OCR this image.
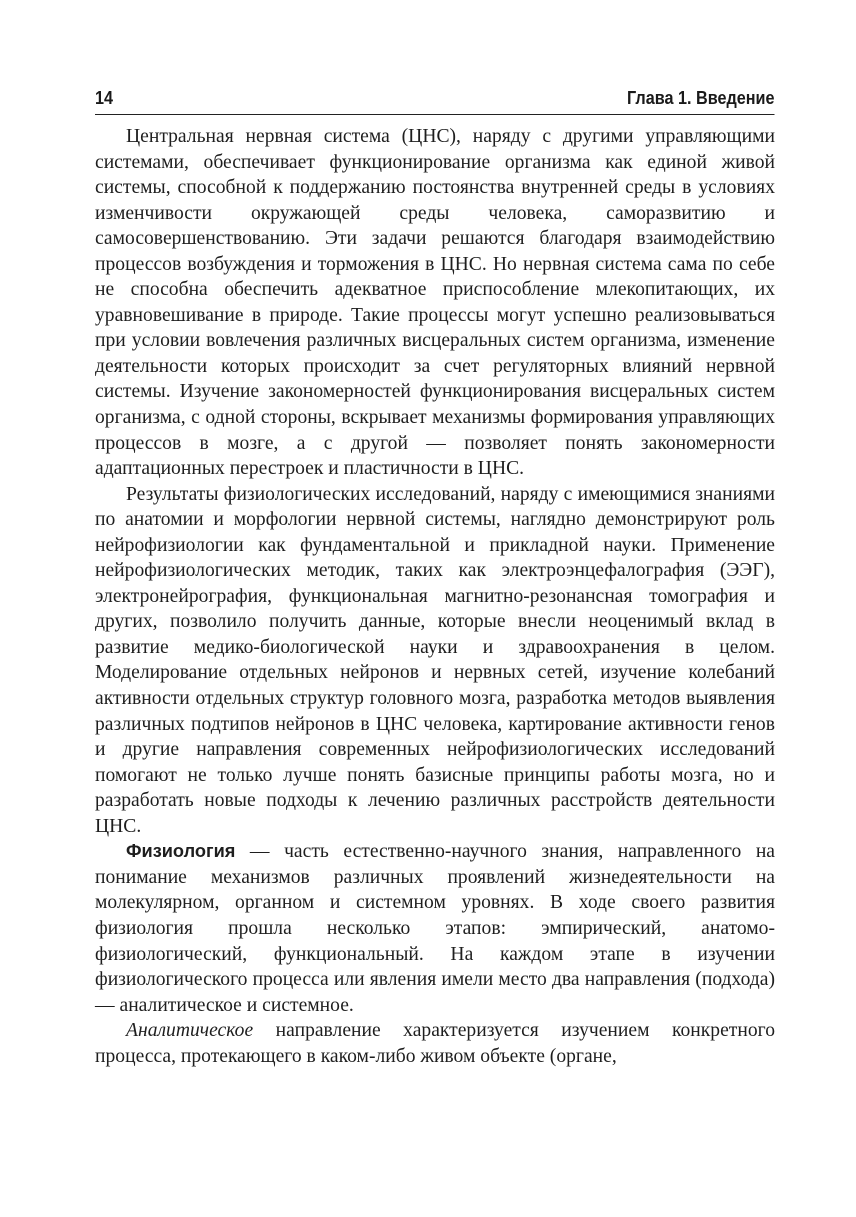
14	Глава 1. Введение

Центральная нервная система (ЦНС), наряду с другими управляющими системами, обеспечивает функционирование организма как единой живой системы, способной к поддержанию постоянства внутренней среды в условиях изменчивости окружающей среды человека, саморазвитию и самосовершенствованию. Эти задачи решаются благодаря взаимодействию процессов возбуждения и торможения в ЦНС. Но нервная система сама по себе не способна обеспечить адекватное приспособление млекопитающих, их уравновешивание в природе. Такие процессы могут успешно реализовываться при условии вовлечения различных висцеральных систем организма, изменение деятельности которых происходит за счет регуляторных влияний нервной системы. Изучение закономерностей функционирования висцеральных систем организма, с одной стороны, вскрывает механизмы формирования управляющих процессов в мозге, а с другой — позволяет понять закономерности адаптационных перестроек и пластичности в ЦНС.

Результаты физиологических исследований, наряду с имеющимися знаниями по анатомии и морфологии нервной системы, наглядно демонстрируют роль нейрофизиологии как фундаментальной и прикладной науки. Применение нейрофизиологических методик, таких как электроэнцефалография (ЭЭГ), электронейрография, функциональная магнитно-резонансная томография и других, позволило получить данные, которые внесли неоценимый вклад в развитие медико-биологической науки и здравоохранения в целом. Моделирование отдельных нейронов и нервных сетей, изучение колебаний активности отдельных структур головного мозга, разработка методов выявления различных подтипов нейронов в ЦНС человека, картирование активности генов и другие направления современных нейрофизиологических исследований помогают не только лучше понять базисные принципы работы мозга, но и разработать новые подходы к лечению различных расстройств деятельности ЦНС.

Физиология — часть естественно-научного знания, направленного на понимание механизмов различных проявлений жизнедеятельности на молекулярном, органном и системном уровнях. В ходе своего развития физиология прошла несколько этапов: эмпирический, анатомо-физиологический, функциональный. На каждом этапе в изучении физиологического процесса или явления имели место два направления (подхода) — аналитическое и системное.

Аналитическое направление характеризуется изучением конкретного процесса, протекающего в каком-либо живом объекте (органе,
